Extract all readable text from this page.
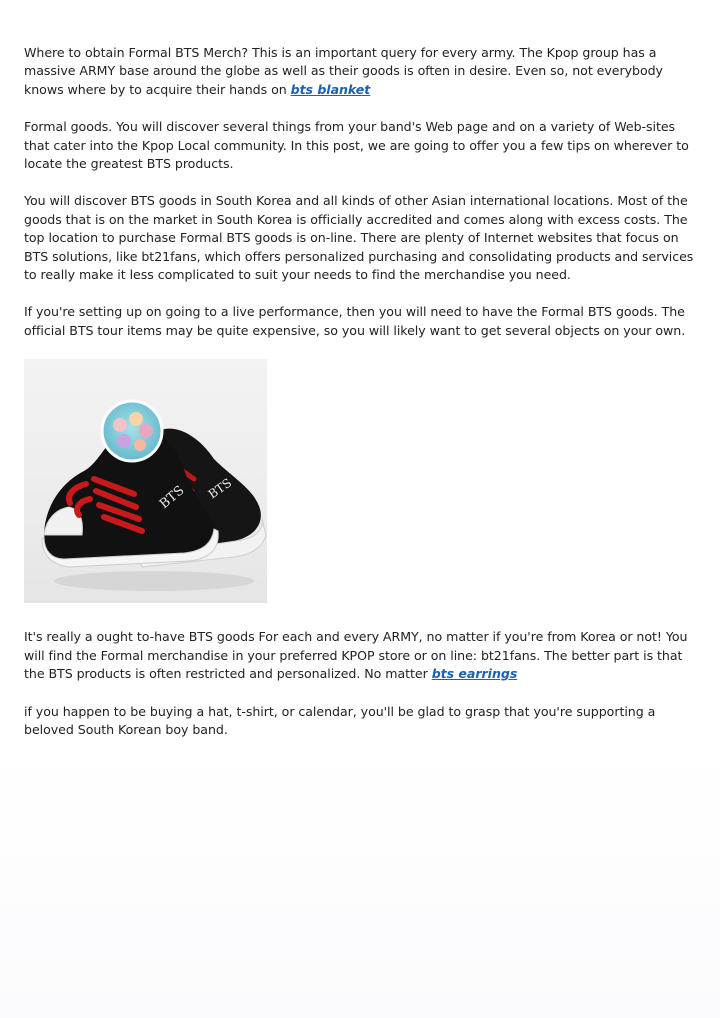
Where to obtain Formal BTS Merch? This is an important query for every army. The Kpop group has a massive ARMY base around the globe as well as their goods is often in desire. Even so, not everybody knows where by to acquire their hands on bts blanket

Formal goods. You will discover several things from your band's Web page and on a variety of Web-sites that cater into the Kpop Local community. In this post, we are going to offer you a few tips on wherever to locate the greatest BTS products.

You will discover BTS goods in South Korea and all kinds of other Asian international locations. Most of the goods that is on the market in South Korea is officially accredited and comes along with excess costs. The top location to purchase Formal BTS goods is on-line. There are plenty of Internet websites that focus on BTS solutions, like bt21fans, which offers personalized purchasing and consolidating products and services to really make it less complicated to suit your needs to find the merchandise you need.

If you're setting up on going to a live performance, then you will need to have the Formal BTS goods. The official BTS tour items may be quite expensive, so you will likely want to get several objects on your own.

BTS
BTS

It's really a ought to-have BTS goods For each and every ARMY, no matter if you're from Korea or not! You will find the Formal merchandise in your preferred KPOP store or on line: bt21fans. The better part is that the BTS products is often restricted and personalized. No matter bts earrings

if you happen to be buying a hat, t-shirt, or calendar, you'll be glad to grasp that you're supporting a beloved South Korean boy band.
